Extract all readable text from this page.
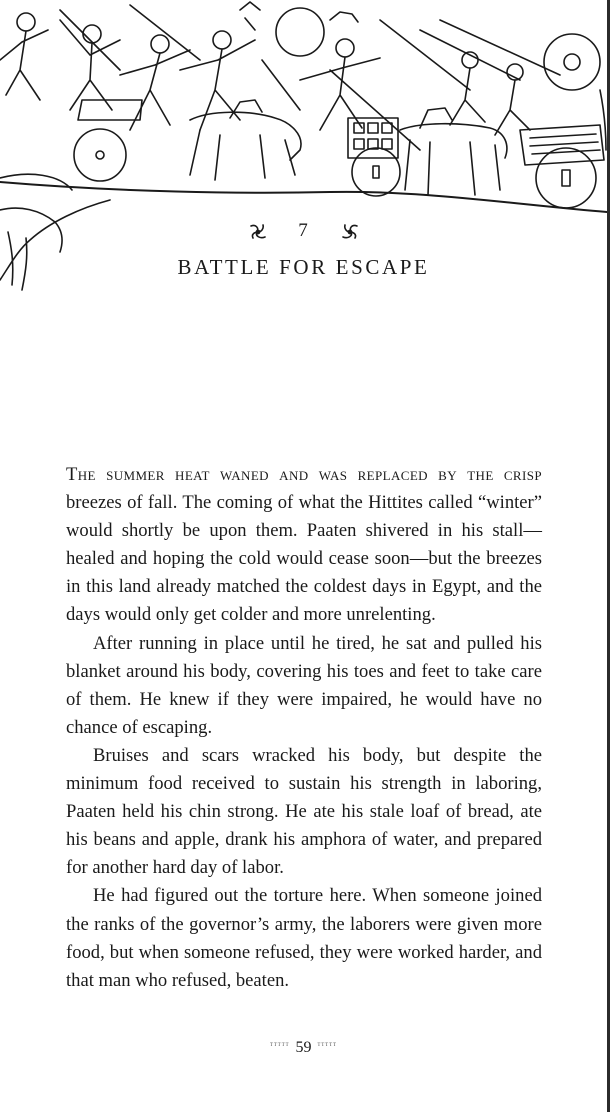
7
BATTLE FOR ESCAPE

The summer heat waned and was replaced by the crisp breezes of fall. The coming of what the Hittites called “winter” would shortly be upon them. Paaten shivered in his stall—healed and hoping the cold would cease soon—but the breezes in this land already matched the coldest days in Egypt, and the days would only get colder and more unrelenting.

After running in place until he tired, he sat and pulled his blanket around his body, covering his toes and feet to take care of them. He knew if they were impaired, he would have no chance of escaping.

Bruises and scars wracked his body, but despite the minimum food received to sustain his strength in laboring, Paaten held his chin strong. He ate his stale loaf of bread, ate his beans and apple, drank his amphora of water, and prepared for another hard day of labor.

He had figured out the torture here. When someone joined the ranks of the governor’s army, the laborers were given more food, but when someone refused, they were worked harder, and that man who refused, beaten.

$^{ᵀᵀᵀᵀᵀ}$ 59 $^{ᵀᵀᵀᵀᵀ}$
